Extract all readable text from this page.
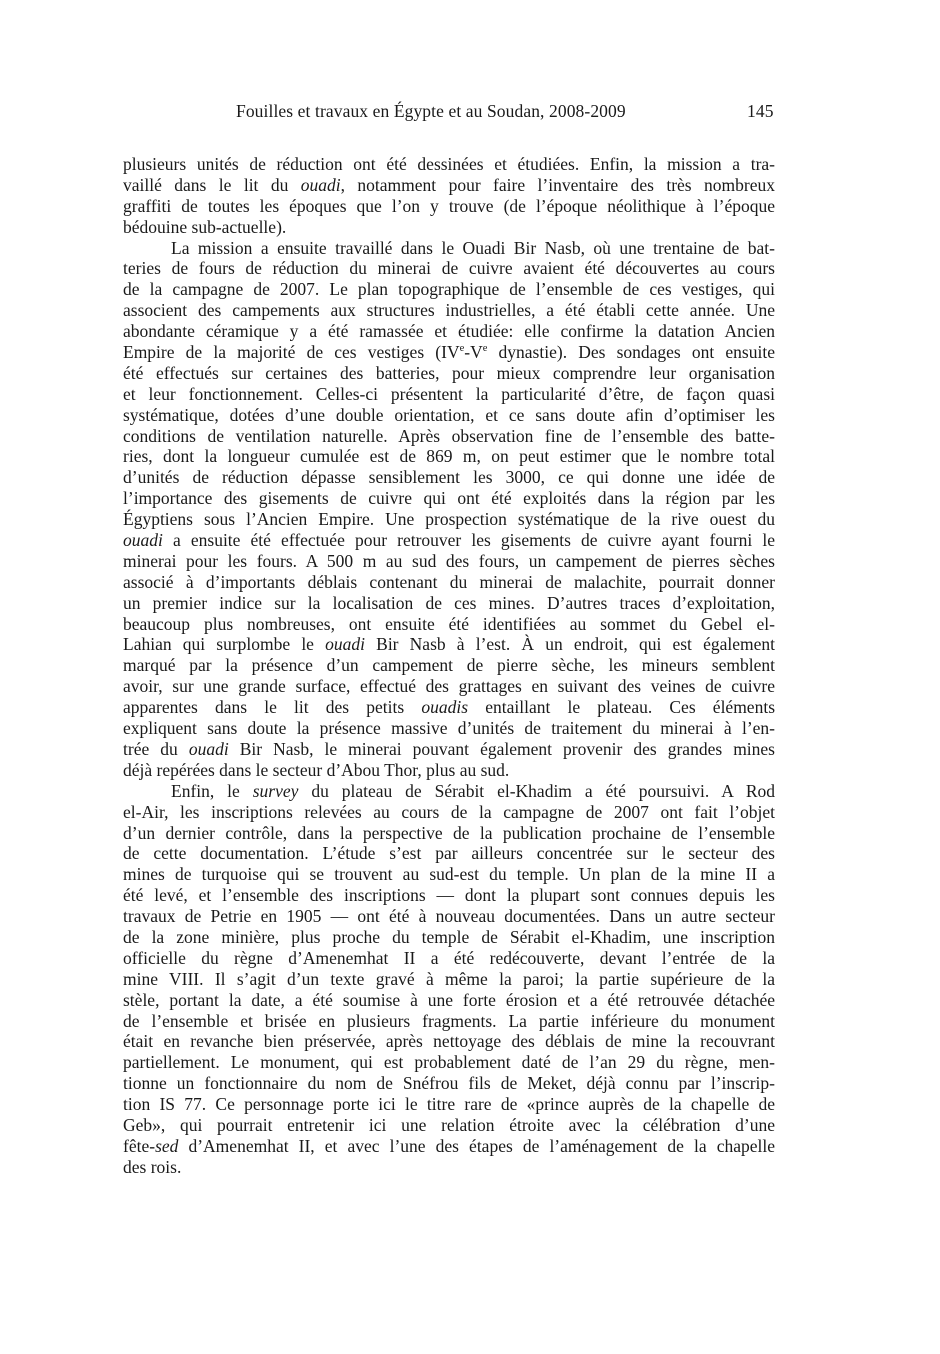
Fouilles et travaux en Égypte et au Soudan, 2008-2009	145
plusieurs unités de réduction ont été dessinées et étudiées. Enfin, la mission a tra-
vaillé dans le lit du ouadi, notamment pour faire l’inventaire des très nombreux
graffiti de toutes les époques que l’on y trouve (de l’époque néolithique à l’époque
bédouine sub-actuelle).
La mission a ensuite travaillé dans le Ouadi Bir Nasb, où une trentaine de bat-
teries de fours de réduction du minerai de cuivre avaient été découvertes au cours
de la campagne de 2007. Le plan topographique de l’ensemble de ces vestiges, qui
associent des campements aux structures industrielles, a été établi cette année. Une
abondante céramique y a été ramassée et étudiée: elle confirme la datation Ancien
Empire de la majorité de ces vestiges (IVe-Ve dynastie). Des sondages ont ensuite
été effectués sur certaines des batteries, pour mieux comprendre leur organisation
et leur fonctionnement. Celles-ci présentent la particularité d’être, de façon quasi
systématique, dotées d’une double orientation, et ce sans doute afin d’optimiser les
conditions de ventilation naturelle. Après observation fine de l’ensemble des batte-
ries, dont la longueur cumulée est de 869 m, on peut estimer que le nombre total
d’unités de réduction dépasse sensiblement les 3000, ce qui donne une idée de
l’importance des gisements de cuivre qui ont été exploités dans la région par les
Égyptiens sous l’Ancien Empire. Une prospection systématique de la rive ouest du
ouadi a ensuite été effectuée pour retrouver les gisements de cuivre ayant fourni le
minerai pour les fours. A 500 m au sud des fours, un campement de pierres sèches
associé à d’importants déblais contenant du minerai de malachite, pourrait donner
un premier indice sur la localisation de ces mines. D’autres traces d’exploitation,
beaucoup plus nombreuses, ont ensuite été identifiées au sommet du Gebel el-
Lahian qui surplombe le ouadi Bir Nasb à l’est. À un endroit, qui est également
marqué par la présence d’un campement de pierre sèche, les mineurs semblent
avoir, sur une grande surface, effectué des grattages en suivant des veines de cuivre
apparentes dans le lit des petits ouadis entaillant le plateau. Ces éléments
expliquent sans doute la présence massive d’unités de traitement du minerai à l’en-
trée du ouadi Bir Nasb, le minerai pouvant également provenir des grandes mines
déjà repérées dans le secteur d’Abou Thor, plus au sud.
Enfin, le survey du plateau de Sérabit el-Khadim a été poursuivi. A Rod
el-Air, les inscriptions relevées au cours de la campagne de 2007 ont fait l’objet
d’un dernier contrôle, dans la perspective de la publication prochaine de l’ensemble
de cette documentation. L’étude s’est par ailleurs concentrée sur le secteur des
mines de turquoise qui se trouvent au sud-est du temple. Un plan de la mine II a
été levé, et l’ensemble des inscriptions — dont la plupart sont connues depuis les
travaux de Petrie en 1905 — ont été à nouveau documentées. Dans un autre secteur
de la zone minière, plus proche du temple de Sérabit el-Khadim, une inscription
officielle du règne d’Amenemhat II a été redécouverte, devant l’entrée de la
mine VIII. Il s’agit d’un texte gravé à même la paroi; la partie supérieure de la
stèle, portant la date, a été soumise à une forte érosion et a été retrouvée détachée
de l’ensemble et brisée en plusieurs fragments. La partie inférieure du monument
était en revanche bien préservée, après nettoyage des déblais de mine la recouvrant
partiellement. Le monument, qui est probablement daté de l’an 29 du règne, men-
tionne un fonctionnaire du nom de Snéfrou fils de Meket, déjà connu par l’inscrip-
tion IS 77. Ce personnage porte ici le titre rare de «prince auprès de la chapelle de
Geb», qui pourrait entretenir ici une relation étroite avec la célébration d’une
fête-sed d’Amenemhat II, et avec l’une des étapes de l’aménagement de la chapelle
des rois.
